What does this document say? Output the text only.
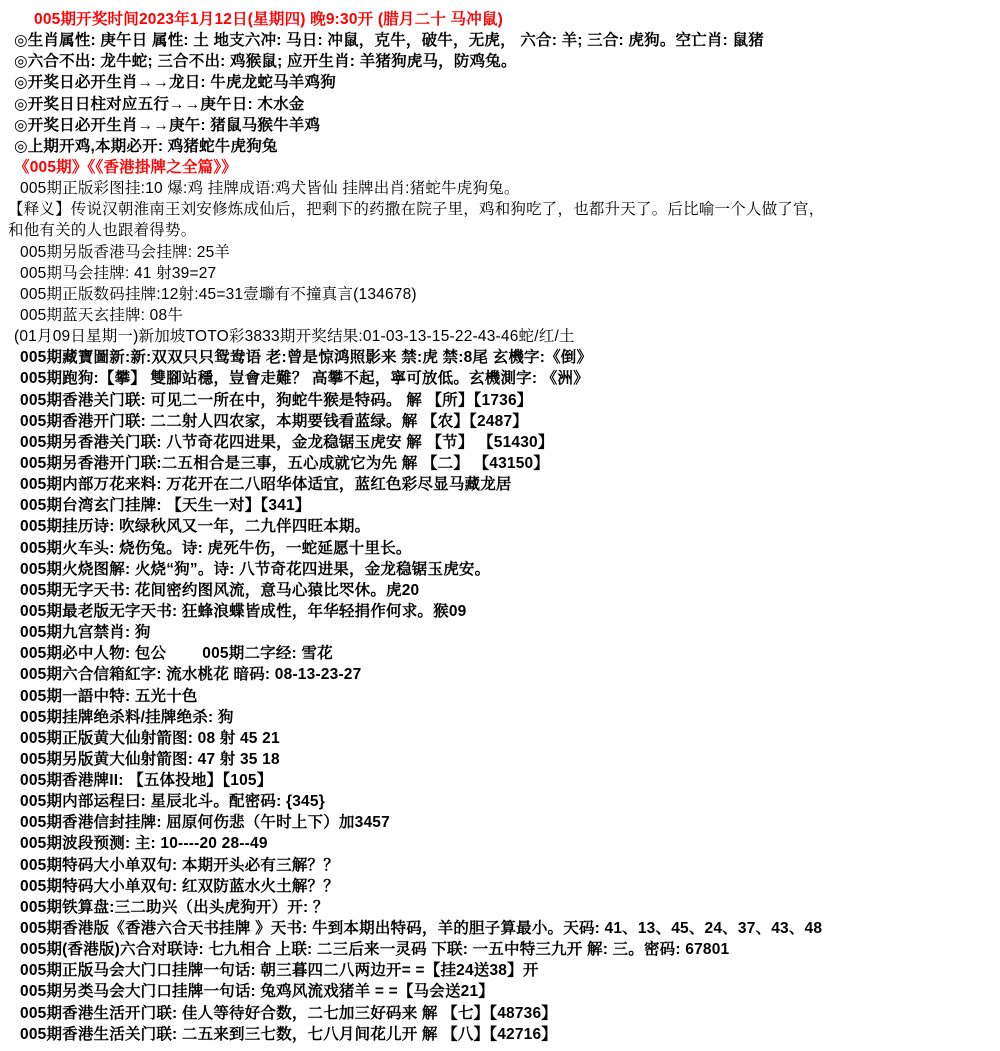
005期开奖时间2023年1月12日(星期四) 晚9:30开 (腊月二十 马冲鼠)
◎生肖属性: 庚午日 属性: 土 地支六冲: 马日: 冲鼠，克牛，破牛，无虎， 六合: 羊; 三合: 虎狗。空亡肖: 鼠猪
◎六合不出: 龙牛蛇; 三合不出: 鸡猴鼠; 应开生肖: 羊猪狗虎马，防鸡兔。
◎开奖日必开生肖→→龙日: 牛虎龙蛇马羊鸡狗
◎开奖日日柱对应五行→→庚午日: 木水金
◎开奖日必开生肖→→庚午: 猪鼠马猴牛羊鸡
◎上期开鸡,本期必开: 鸡猪蛇牛虎狗兔
《005期》《《香港掛牌之全篇》》
005期正版彩图挂:10 爆:鸡 挂牌成语:鸡犬皆仙 挂牌出肖:猪蛇牛虎狗兔。
【释义】传说汉朝淮南王刘安修炼成仙后，把剩下的药撒在院子里，鸡和狗吃了，也都升天了。后比喻一个人做了官，
和他有关的人也跟着得势。
005期另版香港马会挂牌: 25羊
005期马会挂牌: 41 射39=27
005期正版数码挂牌:12射:45=31壹壣有不撞真言(134678)
005期蓝天玄挂牌: 08牛
(01月09日星期一)新加坡TOTO彩3833期开奖结果:01-03-13-15-22-43-46蛇/红/土
005期藏寶圖新:新:双双只只鸳鸯语 老:曾是惊鸿照影来 禁:虎 禁:8尾 玄機字:《倒》
005期跑狗:【攀】 雙腳站穩，豈會走難？ 高攀不起，寧可放低。玄機測字: 《洲》
005期香港关门联: 可见二一所在中，狗蛇牛猴是特码。 解 【所】【1736】
005期香港开门联: 二二射人四农家，本期要钱看蓝绿。解 【农】【2487】
005期另香港关门联: 八节奇花四进果，金龙稳锯玉虎安 解 【节】 【51430】
005期另香港开门联:二五相合是三事，五心成就它为先 解 【二】 【43150】
005期内部万花来料: 万花开在二八昭华体适宜，蓝红色彩尽显马藏龙居
005期台湾玄门挂牌: 【天生一对】【341】
005期挂历诗: 吹绿秋风又一年，二九伴四旺本期。
005期火车头: 烧伤兔。诗: 虎死牛伤，一蛇延愿十里长。
005期火烧图解: 火烧“狗”。诗: 八节奇花四进果，金龙稳锯玉虎安。
005期无字天书: 花间密约图风流，意马心猿比罖休。虎20
005期最老版无字天书: 狂蜂浪蝶皆成性，年华轻捐作何求。猴09
005期九宫禁肖: 狗
005期必中人物: 包公        005期二字经: 雪花
005期六合信箱紅字: 流水桃花 暗码: 08-13-23-27
005期一語中特: 五光十色
005期挂牌绝杀料/挂牌绝杀: 狗
005期正版黄大仙射箭图: 08 射 45 21
005期另版黄大仙射箭图: 47 射 35 18
005期香港牌II: 【五体投地】【105】
005期内部运程曰: 星辰北斗。配密码: {345}
005期香港信封挂牌: 屈原何伤悲（午时上下）加3457
005期波段预测: 主: 10----20 28--49
005期特码大小单双句: 本期开头必有三解？？
005期特码大小单双句: 红双防蓝水火土解？？
005期铁算盘:三二助兴（出头虎狗开）开: ？
005期香港版《香港六合天书挂牌 》天书: 牛到本期出特码，羊的胆子算最小。天码: 41、13、45、24、37、43、48
005期(香港版)六合对联诗: 七九相合 上联: 二三后来一灵码 下联: 一五中特三九开 解: 三。密码: 67801
005期正版马会大门口挂牌一句话: 朝三暮四二八两边开= =【挂24送38】开
005期另类马会大门口挂牌一句话: 兔鸡风流戏猪羊 = =【马会送21】
005期香港生活开门联: 佳人等待好合数，二七加三好码来 解 【七】【48736】
005期香港生活关门联: 二五来到三七数，七八月间花儿开 解 【八】【42716】
